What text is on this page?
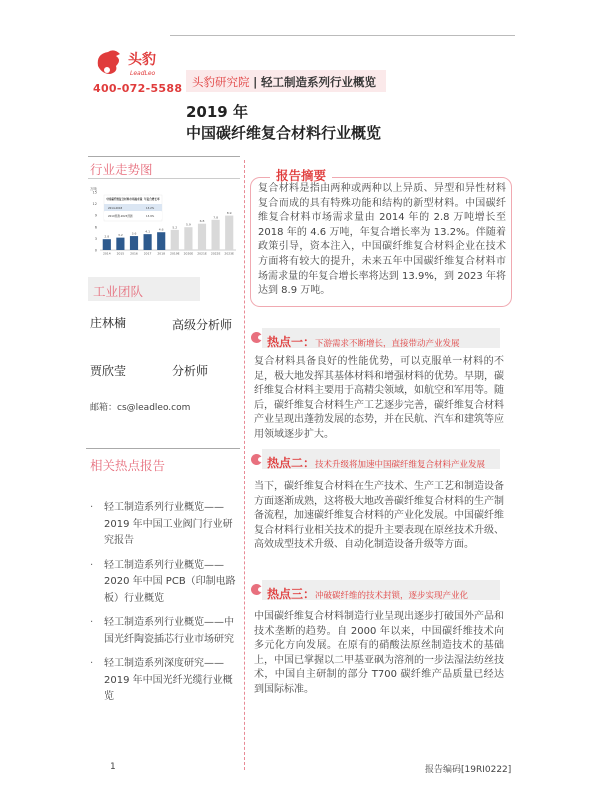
头豹
LeadLeo
400-072-5588 头豹研究院 | 轻工制造系列行业概览
2019 年
中国碳纤维复合材料行业概览
行业走势图
万吨
0
3
6
9
12
15
2.8
2014
3.2
2015
3.6
2016
4.1
2017
4.6
2018
5.2
2019E
5.9
2020E
6.8
2021E
7.8
2022E
8.9
2023E
中国碳纤维复合材料市场需求量 年复合增长率
2014-2018	13.2%
2019预测-2023预测	13.9%
工业团队
庄林楠	高级分析师
贾欣莹	分析师
邮箱：cs@leadleo.com
相关热点报告
· 轻工制造系列行业概览——2019 年中国工业阀门行业研究报告
· 轻工制造系列行业概览——2020 年中国 PCB（印制电路板）行业概览
· 轻工制造系列行业概览——中国光纤陶瓷插芯行业市场研究
· 轻工制造系列深度研究——2019 年中国光纤光缆行业概览
报告摘要
复合材料是指由两种或两种以上异质、异型和异性材料复合而成的具有特殊功能和结构的新型材料。中国碳纤维复合材料市场需求量由 2014 年的 2.8 万吨增长至 2018 年的 4.6 万吨，年复合增长率为 13.2%。伴随着政策引导，资本注入，中国碳纤维复合材料企业在技术方面将有较大的提升，未来五年中国碳纤维复合材料市场需求量的年复合增长率将达到 13.9%，到 2023 年将达到 8.9 万吨。
热点一：下游需求不断增长，直接带动产业发展
复合材料具备良好的性能优势，可以克服单一材料的不足，极大地发挥其基体材料和增强材料的优势。早期，碳纤维复合材料主要用于高精尖领域，如航空和军用等。随后，碳纤维复合材料生产工艺逐步完善，碳纤维复合材料产业呈现出蓬勃发展的态势，并在民航、汽车和建筑等应用领域逐步扩大。
热点二：技术升级将加速中国碳纤维复合材料产业发展
当下，碳纤维复合材料在生产技术、生产工艺和制造设备方面逐渐成熟，这将极大地改善碳纤维复合材料的生产制备流程，加速碳纤维复合材料的产业化发展。中国碳纤维复合材料行业相关技术的提升主要表现在原丝技术升级、高效成型技术升级、自动化制造设备升级等方面。
热点三：冲破碳纤维的技术封锁，逐步实现产业化
中国碳纤维复合材料制造行业呈现出逐步打破国外产品和技术垄断的趋势。自 2000 年以来，中国碳纤维技术向多元化方向发展。在原有的硝酸法原丝制造技术的基础上，中国已掌握以二甲基亚砜为溶剂的一步法湿法纺丝技术，中国自主研制的部分 T700 碳纤维产品质量已经达到国际标准。
1	报告编码[19RI0222]
